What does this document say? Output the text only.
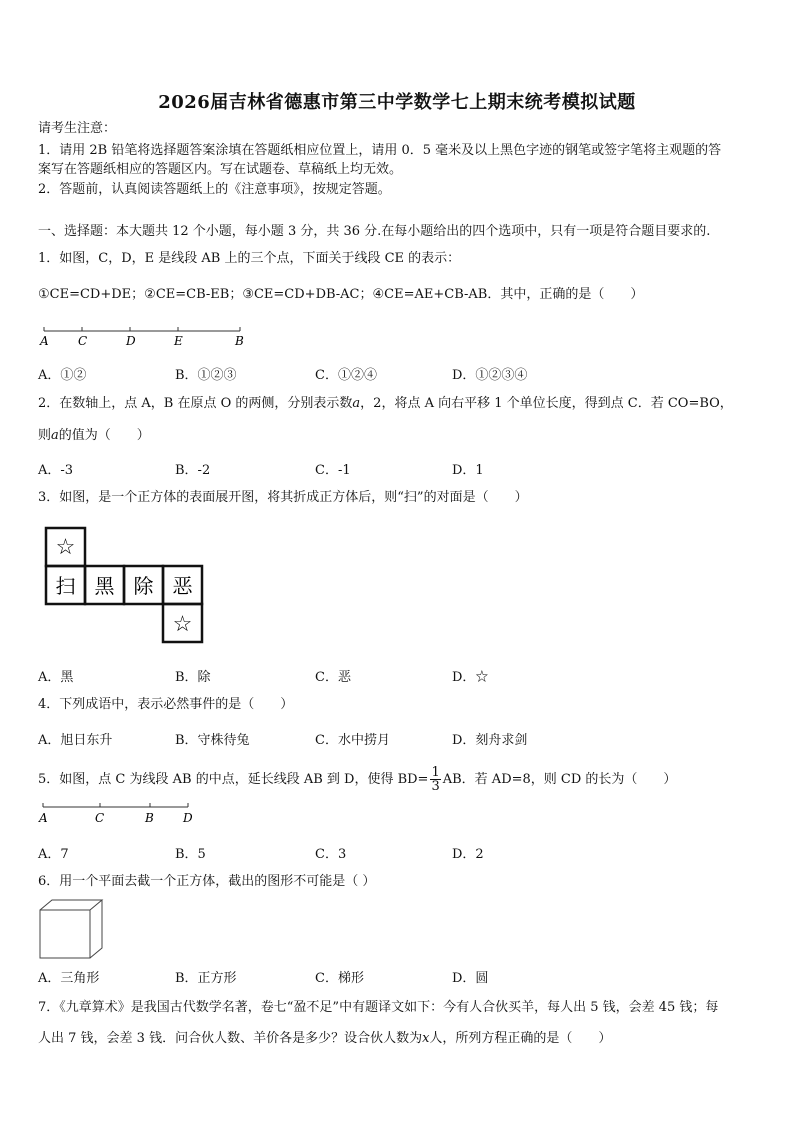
2026届吉林省德惠市第三中学数学七上期末统考模拟试题
请考生注意：
1．请用 2B 铅笔将选择题答案涂填在答题纸相应位置上，请用 0．5 毫米及以上黑色字迹的钢笔或签字笔将主观题的答
案写在答题纸相应的答题区内。写在试题卷、草稿纸上均无效。
2．答题前，认真阅读答题纸上的《注意事项》，按规定答题。
一、选择题：本大题共 12 个小题，每小题 3 分，共 36 分.在每小题给出的四个选项中，只有一项是符合题目要求的.
1．如图，C，D，E 是线段 AB 上的三个点，下面关于线段 CE 的表示：
①CE=CD+DE；②CE=CB-EB；③CE=CD+DB-AC；④CE=AE+CB-AB．其中，正确的是（　　）
A C	D	E	B
A．①②	B．①②③	C．①②④	D．①②③④
2．在数轴上，点 A，B 在原点 O 的两侧，分别表示数a，2，将点 A 向右平移 1 个单位长度，得到点 C．若 CO=BO，
则a的值为（　　）
A．-3	B．-2	C．-1	D．1
3．如图，是一个正方体的表面展开图，将其折成正方体后，则“扫”的对面是（　　）
☆
扫 黑 除 恶
☆
A．黑	B．除	C．恶	D．☆
4．下列成语中，表示必然事件的是（　　）
A．旭日东升	B．守株待兔	C．水中捞月	D．刻舟求剑
5．如图，点 C 为线段 AB 的中点，延长线段 AB 到 D，使得 $BD= \frac{1}{3}$ AB．若 AD=8，则 CD 的长为（　　）
A	C	B D
A．7	B．5	C．3	D．2
6．用一个平面去截一个正方体，截出的图形不可能是（ ）
A．三角形	B．正方形	C．梯形	D．圆
7．《九章算术》是我国古代数学名著，卷七“盈不足”中有题译文如下：今有人合伙买羊，每人出 5 钱，会差 45 钱；每
人出 7 钱，会差 3 钱．问合伙人数、羊价各是多少？设合伙人数为x人，所列方程正确的是（　　）
